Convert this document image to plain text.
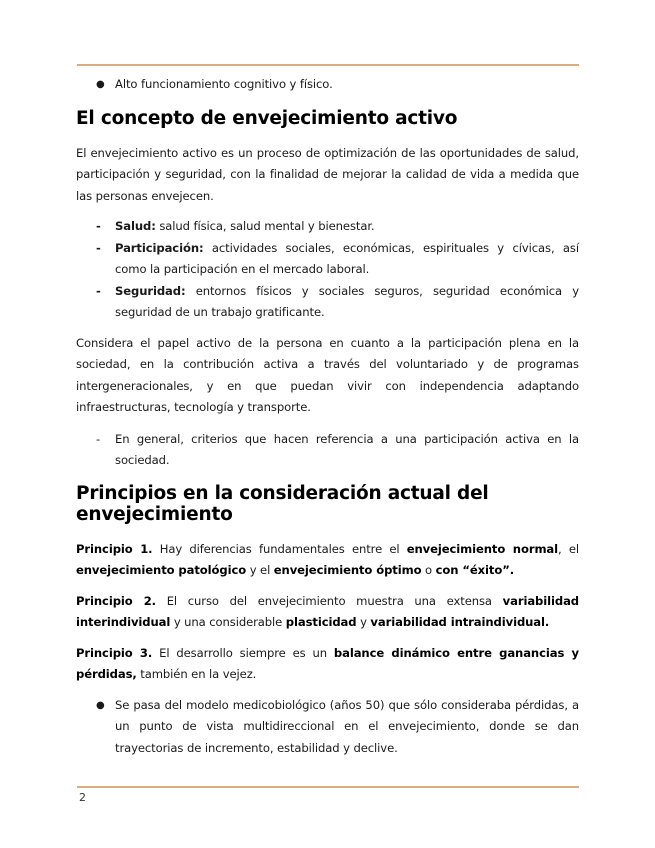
● Alto funcionamiento cognitivo y físico.
El concepto de envejecimiento activo

El envejecimiento activo es un proceso de optimización de las oportunidades de salud, participación y seguridad, con la finalidad de mejorar la calidad de vida a medida que las personas envejecen.

- Salud: salud física, salud mental y bienestar.
- Participación: actividades sociales, económicas, espirituales y cívicas, así como la participación en el mercado laboral.
- Seguridad: entornos físicos y sociales seguros, seguridad económica y seguridad de un trabajo gratificante.

Considera el papel activo de la persona en cuanto a la participación plena en la sociedad, en la contribución activa a través del voluntariado y de programas intergeneracionales, y en que puedan vivir con independencia adaptando infraestructuras, tecnología y transporte.

- En general, criterios que hacen referencia a una participación activa en la sociedad.
Principios en la consideración actual del envejecimiento

Principio 1. Hay diferencias fundamentales entre el envejecimiento normal, el envejecimiento patológico y el envejecimiento óptimo o con “éxito”.

Principio 2. El curso del envejecimiento muestra una extensa variabilidad interindividual y una considerable plasticidad y variabilidad intraindividual.

Principio 3. El desarrollo siempre es un balance dinámico entre ganancias y pérdidas, también en la vejez.

● Se pasa del modelo medicobiológico (años 50) que sólo consideraba pérdidas, a un punto de vista multidireccional en el envejecimiento, donde se dan trayectorias de incremento, estabilidad y declive.
2
